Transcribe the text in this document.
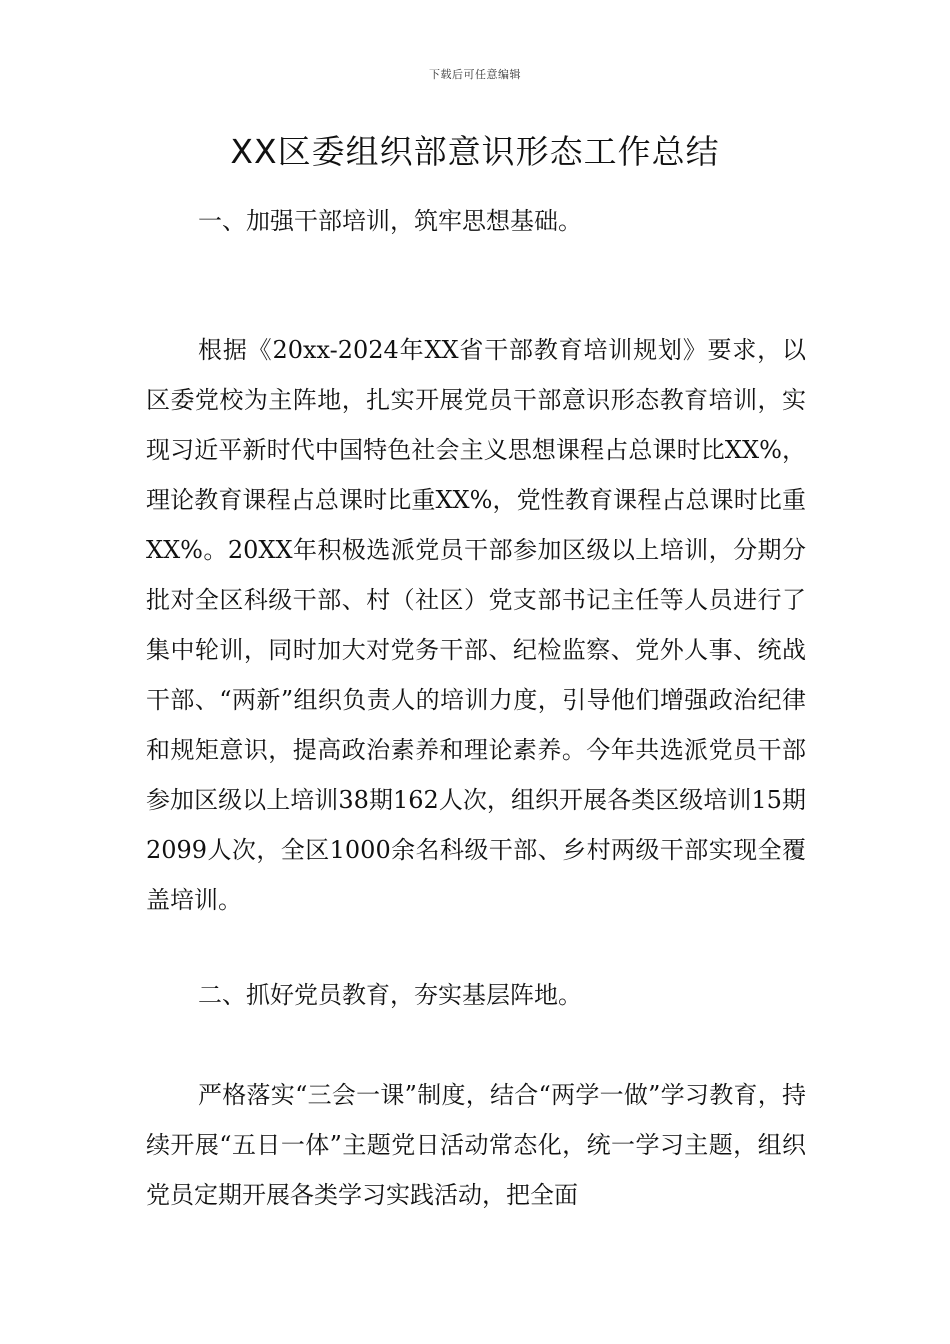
下载后可任意编辑
XX区委组织部意识形态工作总结
一、加强干部培训，筑牢思想基础。
根据《20xx-2024年XX省干部教育培训规划》要求，以区委党校为主阵地，扎实开展党员干部意识形态教育培训，实现习近平新时代中国特色社会主义思想课程占总课时比XX%，理论教育课程占总课时比重XX%，党性教育课程占总课时比重XX%。20XX年积极选派党员干部参加区级以上培训，分期分批对全区科级干部、村（社区）党支部书记主任等人员进行了集中轮训，同时加大对党务干部、纪检监察、党外人事、统战干部、“两新”组织负责人的培训力度，引导他们增强政治纪律和规矩意识，提高政治素养和理论素养。今年共选派党员干部参加区级以上培训38期162人次，组织开展各类区级培训15期2099人次，全区1000余名科级干部、乡村两级干部实现全覆盖培训。
二、抓好党员教育，夯实基层阵地。
严格落实“三会一课”制度，结合“两学一做”学习教育，持续开展“五日一体”主题党日活动常态化，统一学习主题，组织党员定期开展各类学习实践活动，把全面
